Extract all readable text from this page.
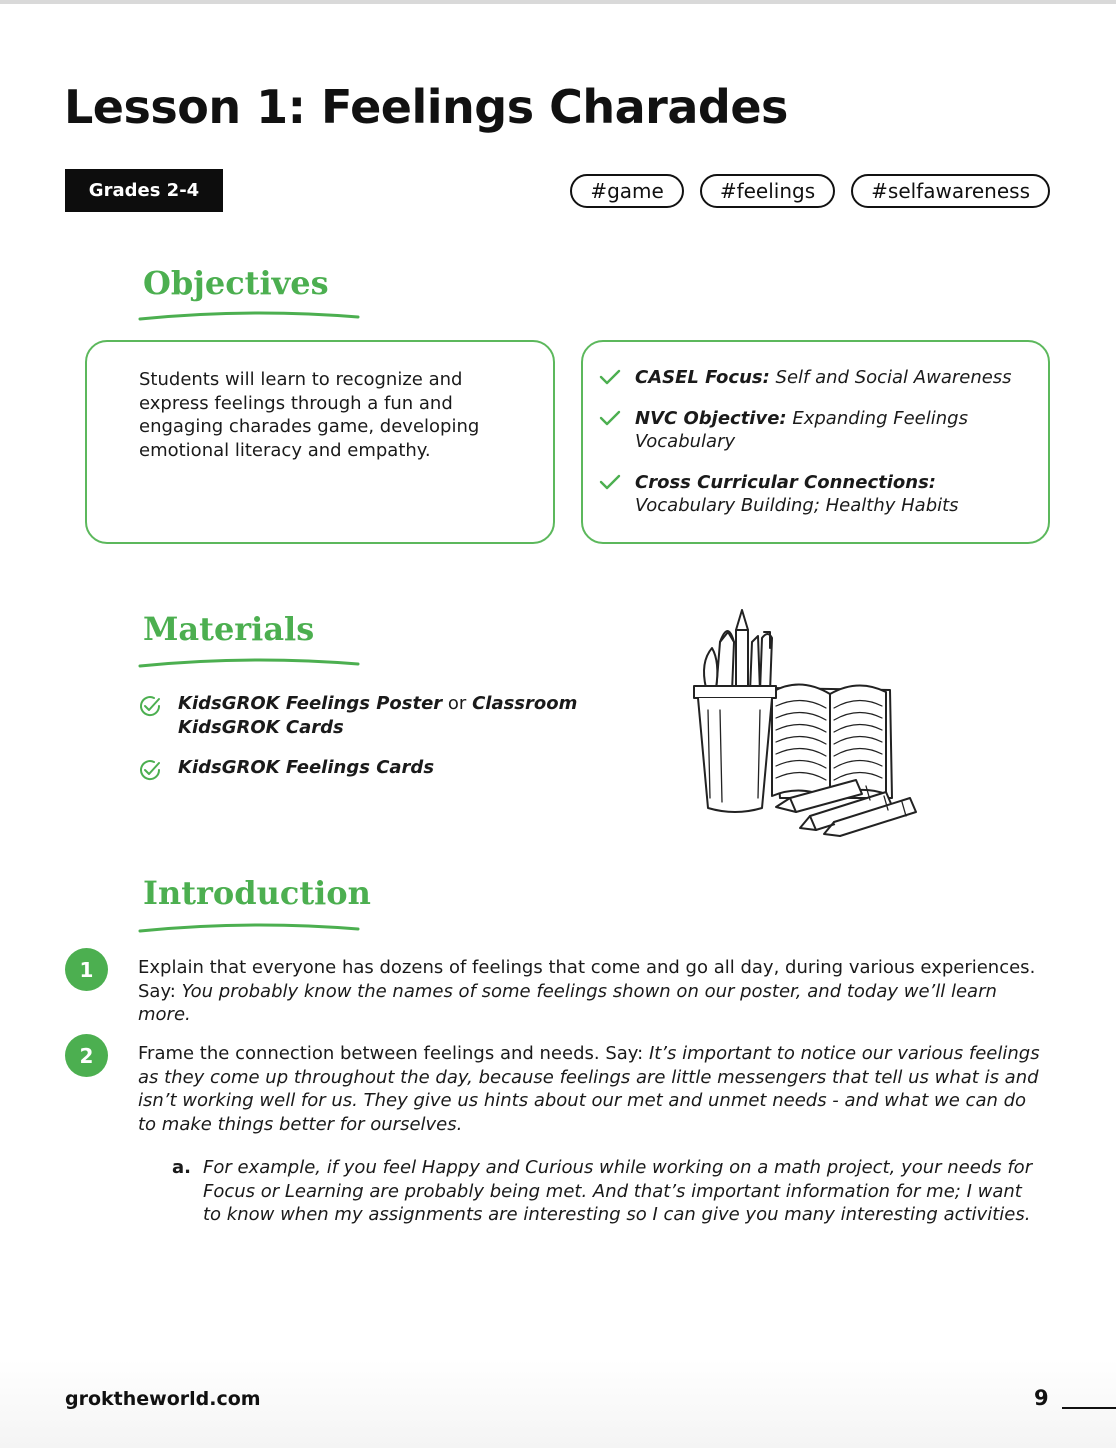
Lesson 1: Feelings Charades
Grades 2-4	#game	#feelings	#selfawareness
Objectives

Students will learn to recognize and express feelings through a fun and engaging charades game, developing emotional literacy and empathy.

CASEL Focus: Self and Social Awareness
NVC Objective: Expanding Feelings Vocabulary
Cross Curricular Connections: Vocabulary Building; Healthy Habits
Materials
KidsGROK Feelings Poster or Classroom KidsGROK Cards
KidsGROK Feelings Cards
Introduction
1	Explain that everyone has dozens of feelings that come and go all day, during various experiences. Say: You probably know the names of some feelings shown on our poster, and today we’ll learn more.

2	Frame the connection between feelings and needs. Say: It’s important to notice our various feelings as they come up throughout the day, because feelings are little messengers that tell us what is and isn’t working well for us. They give us hints about our met and unmet needs - and what we can do to make things better for ourselves.

a. For example, if you feel Happy and Curious while working on a math project, your needs for Focus or Learning are probably being met. And that’s important information for me; I want to know when my assignments are interesting so I can give you many interesting activities.

groktheworld.com	9
